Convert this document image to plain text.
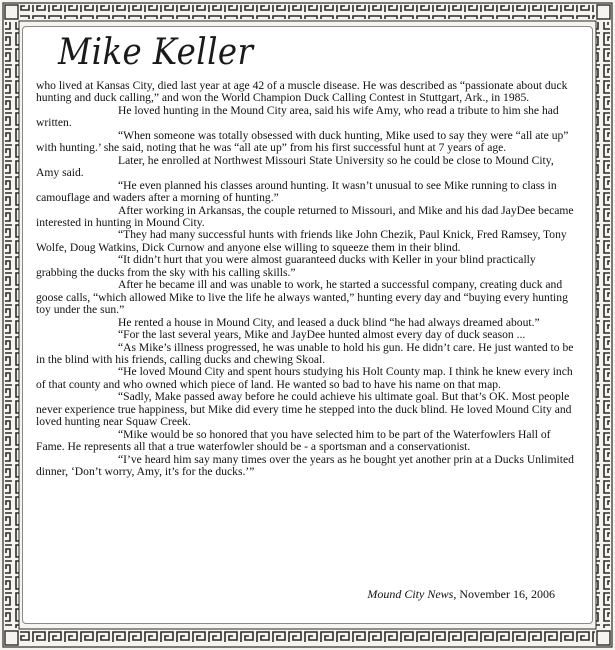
Mike Keller

who lived at Kansas City, died last year at age 42 of a muscle disease. He was described as “passionate about duck hunting and duck calling,” and won the World Champion Duck Calling Contest in Stuttgart, Ark., in 1985.

He loved hunting in the Mound City area, said his wife Amy, who read a tribute to him she had written.

“When someone was totally obsessed with duck hunting, Mike used to say they were “all ate up” with hunting.’ she said, noting that he was “all ate up” from his first successful hunt at 7 years of age.

Later, he enrolled at Northwest Missouri State University so he could be close to Mound City, Amy said.

“He even planned his classes around hunting. It wasn’t unusual to see Mike running to class in camouflage and waders after a morning of hunting.”

After working in Arkansas, the couple returned to Missouri, and Mike and his dad JayDee became interested in hunting in Mound City.

“They had many successful hunts with friends like John Chezik, Paul Knick, Fred Ramsey, Tony Wolfe, Doug Watkins, Dick Curnow and anyone else willing to squeeze them in their blind.

“It didn’t hurt that you were almost guaranteed ducks with Keller in your blind practically grabbing the ducks from the sky with his calling skills.”

After he became ill and was unable to work, he started a successful company, creating duck and goose calls, “which allowed Mike to live the life he always wanted,” hunting every day and “buying every hunting toy under the sun.”

He rented a house in Mound City, and leased a duck blind “he had always dreamed about.”

“For the last several years, Mike and JayDee hunted almost every day of duck season ...

“As Mike’s illness progressed, he was unable to hold his gun. He didn’t care. He just wanted to be in the blind with his friends, calling ducks and chewing Skoal.

“He loved Mound City and spent hours studying his Holt County map. I think he knew every inch of that county and who owned which piece of land. He wanted so bad to have his name on that map.

“Sadly, Make passed away before he could achieve his ultimate goal. But that’s OK. Most people never experience true happiness, but Mike did every time he stepped into the duck blind. He loved Mound City and loved hunting near Squaw Creek.

“Mike would be so honored that you have selected him to be part of the Waterfowlers Hall of Fame. He represents all that a true waterfowler should be - a sportsman and a conservationist.

“I’ve heard him say many times over the years as he bought yet another prin at a Ducks Unlimited dinner, ‘Don’t worry, Amy, it’s for the ducks.’”

Mound City News, November 16, 2006
